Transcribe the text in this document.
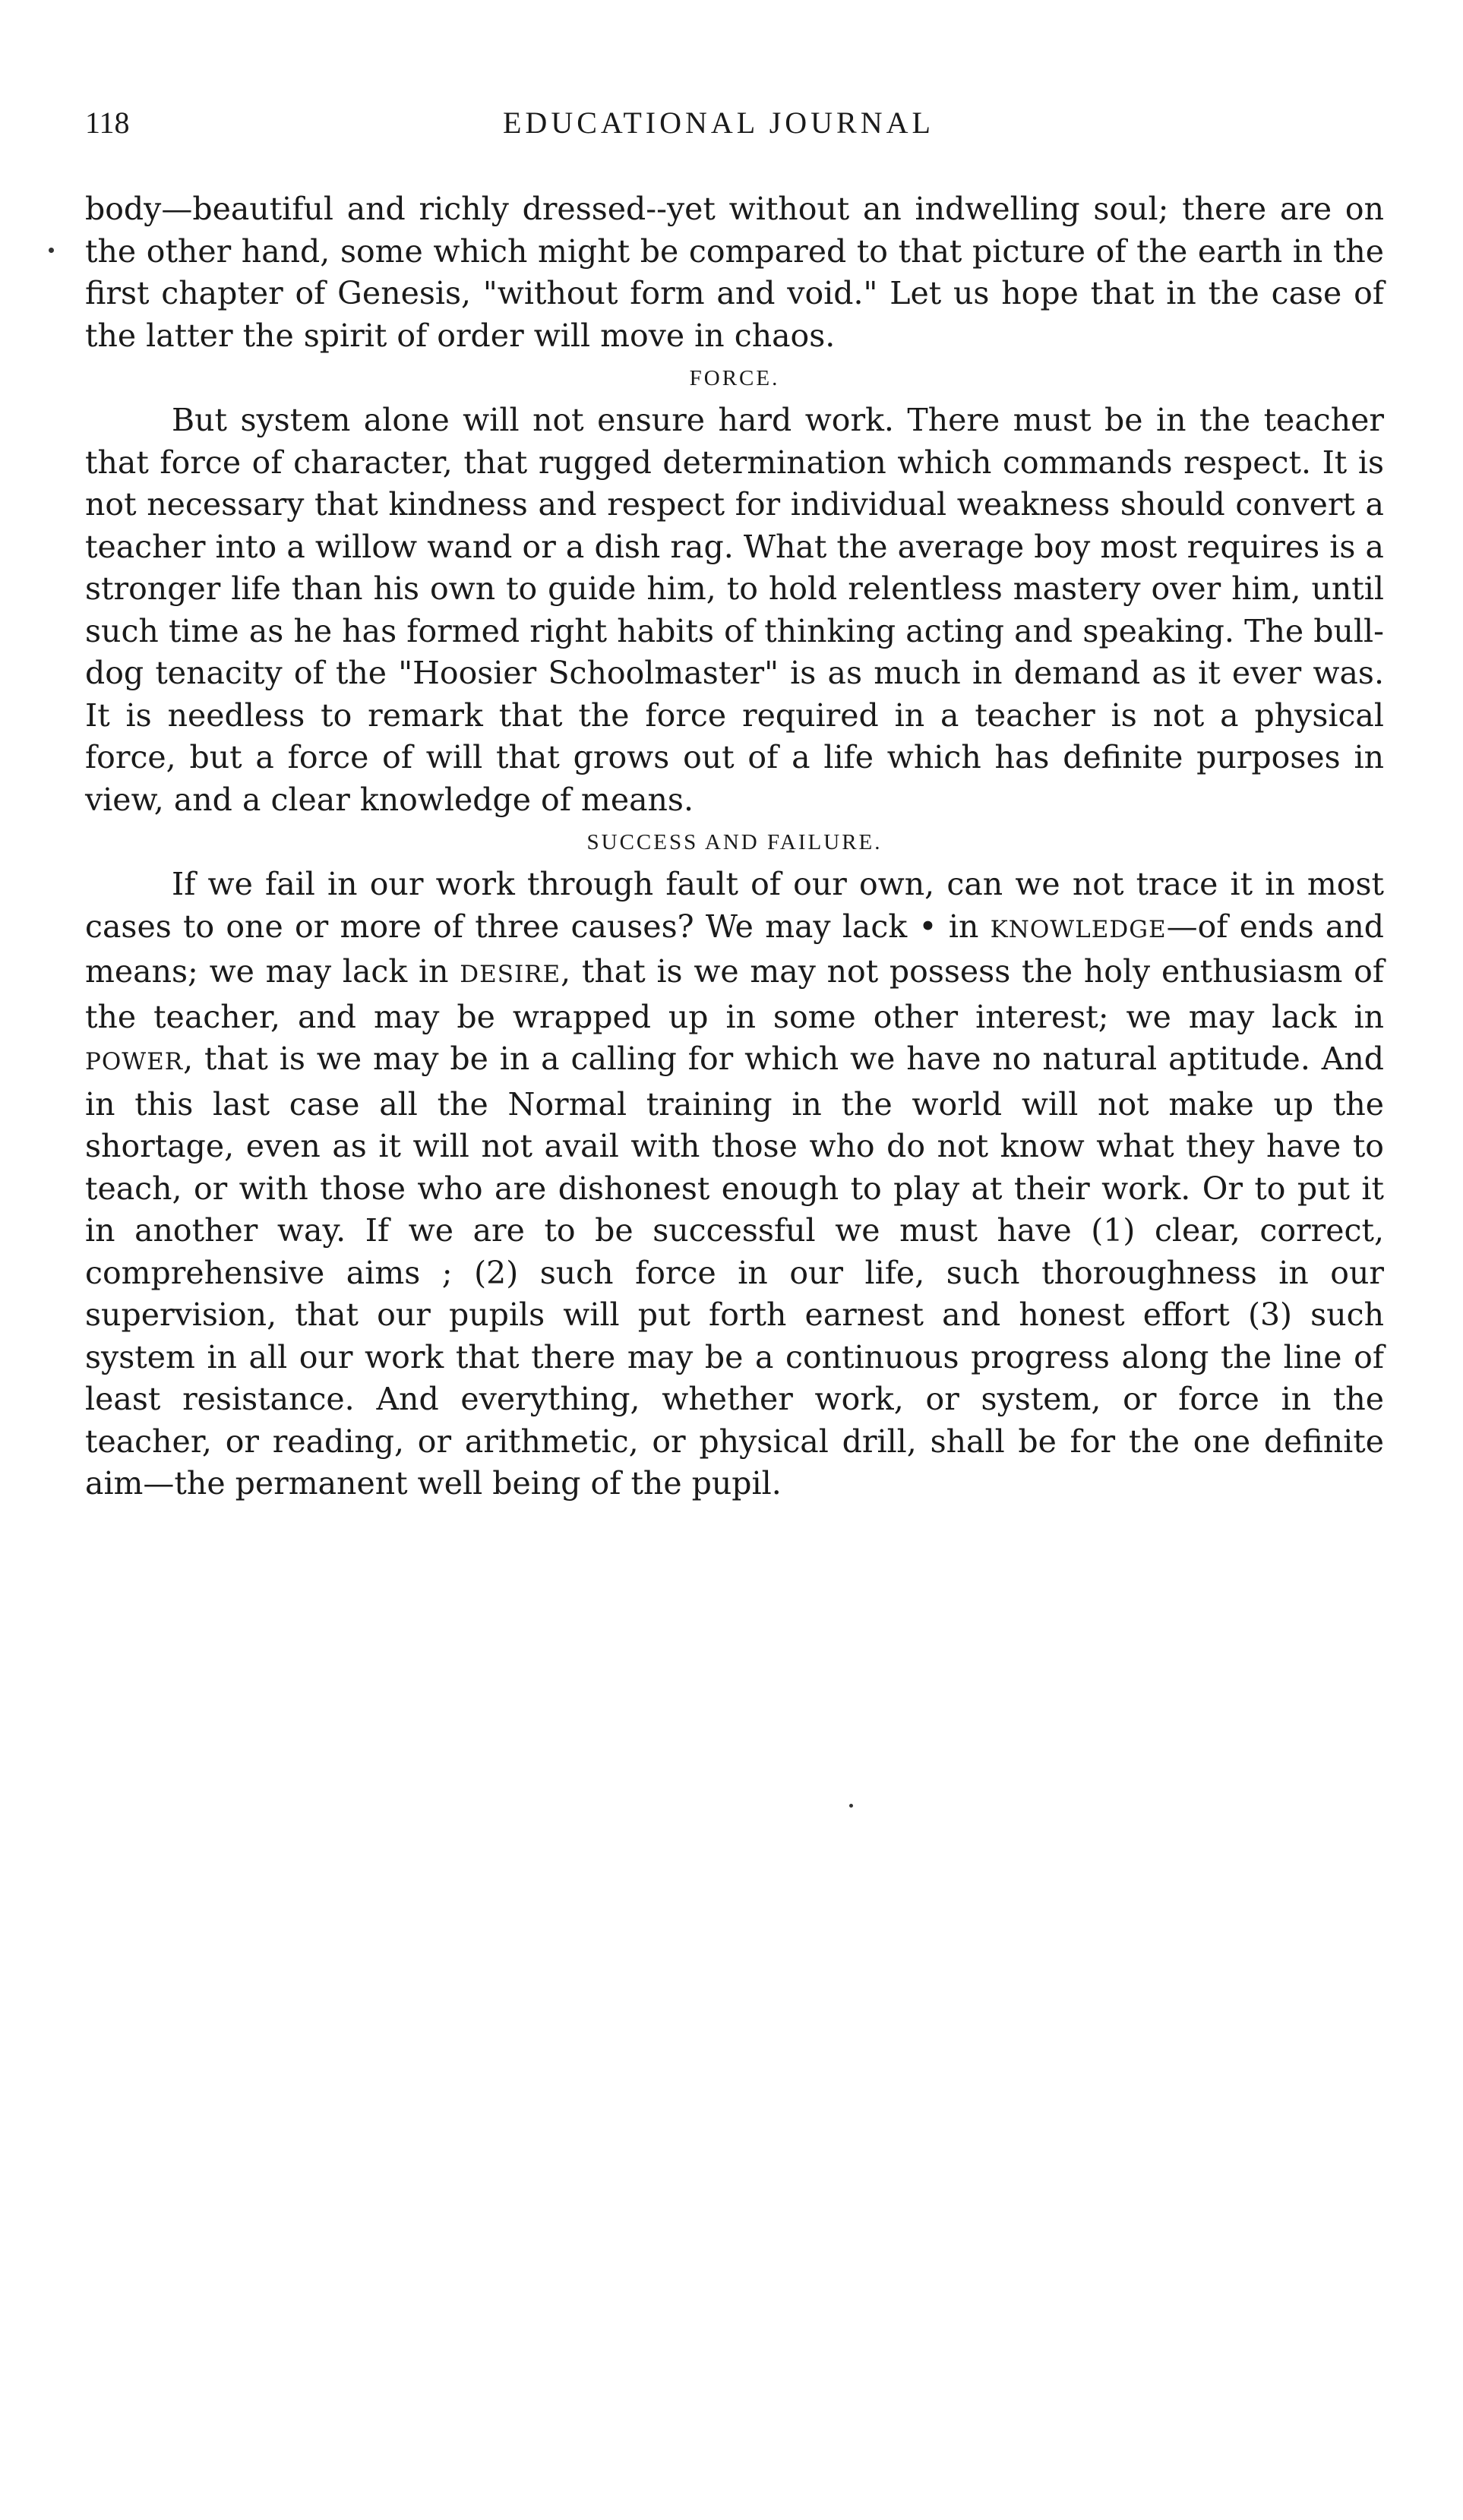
118	EDUCATIONAL JOURNAL

body—beautiful and richly dressed--yet without an indwelling soul; there are on the other hand, some which might be compared to that picture of the earth in the first chapter of Genesis, "without form and void." Let us hope that in the case of the latter the spirit of order will move in chaos.

FORCE.

But system alone will not ensure hard work. There must be in the teacher that force of character, that rugged determination which commands respect. It is not necessary that kindness and respect for individual weakness should convert a teacher into a willow wand or a dish rag. What the average boy most requires is a stronger life than his own to guide him, to hold relentless mastery over him, until such time as he has formed right habits of thinking acting and speaking. The bull-dog tenacity of the "Hoosier Schoolmaster" is as much in demand as it ever was. It is needless to remark that the force required in a teacher is not a physical force, but a force of will that grows out of a life which has definite purposes in view, and a clear knowledge of means.

SUCCESS AND FAILURE.

If we fail in our work through fault of our own, can we not trace it in most cases to one or more of three causes? We may lack • in KNOWLEDGE—of ends and means; we may lack in DESIRE, that is we may not possess the holy enthusiasm of the teacher, and may be wrapped up in some other interest; we may lack in POWER, that is we may be in a calling for which we have no natural aptitude. And in this last case all the Normal training in the world will not make up the shortage, even as it will not avail with those who do not know what they have to teach, or with those who are dishonest enough to play at their work. Or to put it in another way. If we are to be successful we must have (1) clear, correct, comprehensive aims ; (2) such force in our life, such thoroughness in our supervision, that our pupils will put forth earnest and honest effort (3) such system in all our work that there may be a continuous progress along the line of least resistance. And everything, whether work, or system, or force in the teacher, or reading, or arithmetic, or physical drill, shall be for the one definite aim—the permanent well being of the pupil.
